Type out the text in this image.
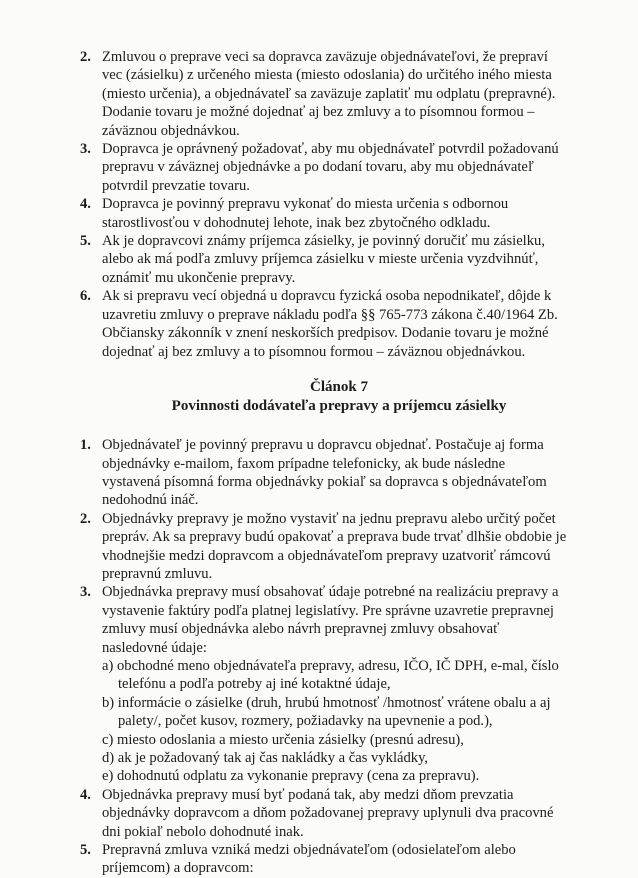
2. Zmluvou o preprave veci sa dopravca zaväzuje objednávateľovi, že prepraví
vec (zásielku) z určeného miesta (miesto odoslania) do určitého iného miesta
(miesto určenia), a objednávateľ sa zaväzuje zaplatiť mu odplatu (prepravné).
Dodanie tovaru je možné dojednať aj bez zmluvy a to písomnou formou –
záväznou objednávkou.
3. Dopravca je oprávnený požadovať, aby mu objednávateľ potvrdil požadovanú
prepravu v záväznej objednávke a po dodaní tovaru, aby mu objednávateľ
potvrdil prevzatie tovaru.
4. Dopravca je povinný prepravu vykonať do miesta určenia s odbornou
starostlivosťou v dohodnutej lehote, inak bez zbytočného odkladu.
5. Ak je dopravcovi známy príjemca zásielky, je povinný doručiť mu zásielku,
alebo ak má podľa zmluvy príjemca zásielku v mieste určenia vyzdvihnúť,
oznámiť mu ukončenie prepravy.
6. Ak si prepravu vecí objedná u dopravcu fyzická osoba nepodnikateľ, dôjde k
uzavretiu zmluvy o preprave nákladu podľa §§ 765-773 zákona č.40/1964 Zb.
Občiansky zákonník v znení neskorších predpisov. Dodanie tovaru je možné
dojednať aj bez zmluvy a to písomnou formou – záväznou objednávkou.
Článok 7
Povinnosti dodávateľa prepravy a príjemcu zásielky
1. Objednávateľ je povinný prepravu u dopravcu objednať. Postačuje aj forma
objednávky e-mailom, faxom prípadne telefonicky, ak bude následne
vystavená písomná forma objednávky pokiaľ sa dopravca s objednávateľom
nedohodnú ináč.
2. Objednávky prepravy je možno vystaviť na jednu prepravu alebo určitý počet
prepráv. Ak sa prepravy budú opakovať a preprava bude trvať dlhšie obdobie je
vhodnejšie medzi dopravcom a objednávateľom prepravy uzatvoriť rámcovú
prepravnú zmluvu.
3. Objednávka prepravy musí obsahovať údaje potrebné na realizáciu prepravy a
vystavenie faktúry podľa platnej legislatívy. Pre správne uzavretie prepravnej
zmluvy musí objednávka alebo návrh prepravnej zmluvy obsahovať
nasledovné údaje:
a) obchodné meno objednávateľa prepravy, adresu, IČO, IČ DPH, e-mal, číslo
telefónu a podľa potreby aj iné kotaktné údaje,
b) informácie o zásielke (druh, hrubú hmotnosť /hmotnosť vrátene obalu a aj
palety/, počet kusov, rozmery, požiadavky na upevnenie a pod.),
c) miesto odoslania a miesto určenia zásielky (presnú adresu),
d) ak je požadovaný tak aj čas nakládky a čas vykládky,
e) dohodnutú odplatu za vykonanie prepravy (cena za prepravu).
4. Objednávka prepravy musí byť podaná tak, aby medzi dňom prevzatia
objednávky dopravcom a dňom požadovanej prepravy uplynuli dva pracovné
dni pokiaľ nebolo dohodnuté inak.
5. Prepravná zmluva vzniká medzi objednávateľom (odosielateľom alebo
príjemcom) a dopravcom:
